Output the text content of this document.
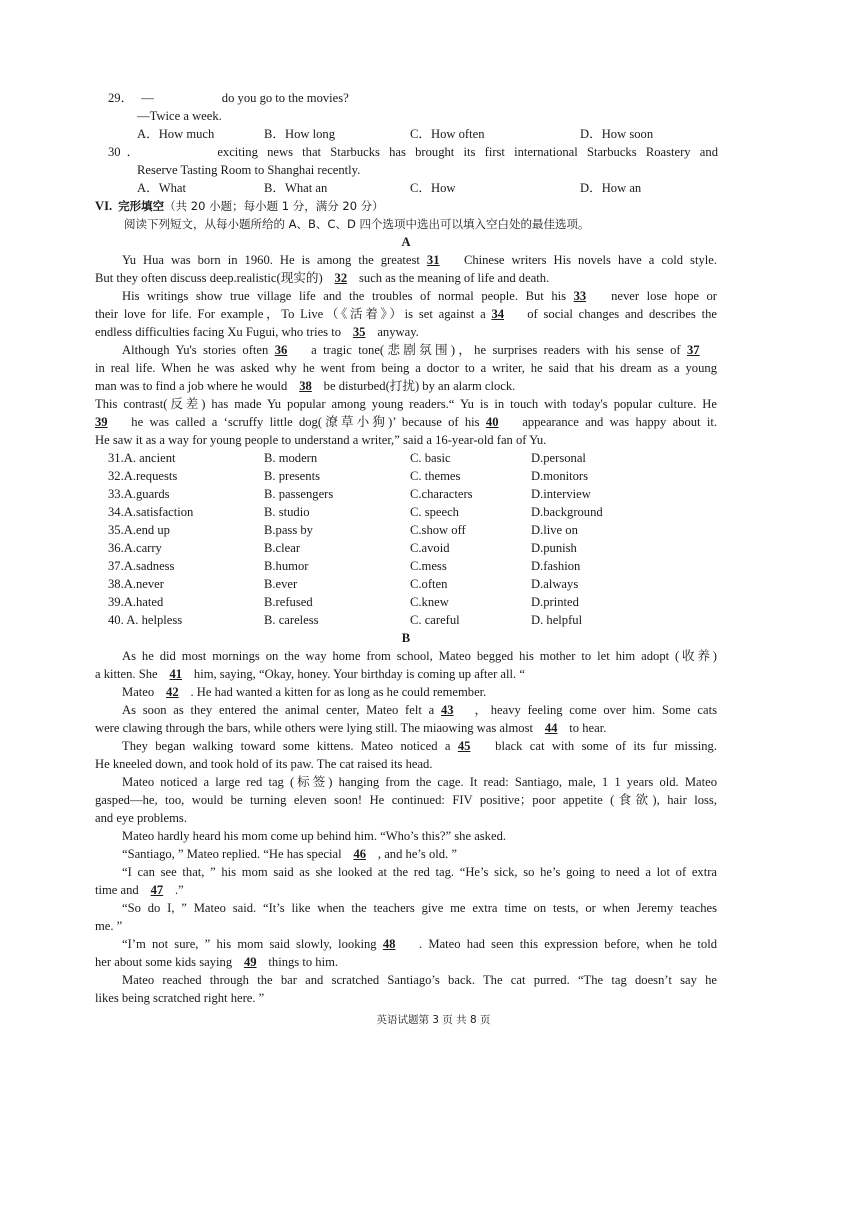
29． —	do you go to the movies?
—Twice a week.
A．How much	B．How long	C．How often	D．How soon
30．	exciting news that Starbucks has brought its first international Starbucks Roastery and
Reserve Tasting Room to Shanghai recently.
A．What	B．What an	C．How	D．How an
VI. 完形填空（共 20 小题；每小题 1 分，满分 20 分）
阅读下列短文，从每小题所给的 A、B、C、D 四个选项中选出可以填入空白处的最佳选项。
A
Yu Hua was born in 1960. He is among the greatest 31 Chinese writers His novels have a cold style.
But they often discuss deep.realistic(现实的) 32 such as the meaning of life and death.
His writings show true village life and the troubles of normal people. But his 33 never lose hope or
their love for life. For example，To Live（《活着》）is set against a 34 of social changes and describes the
endless difficulties facing Xu Fugui, who tries to 35 anyway.
Although Yu's stories often 36 a tragic tone(悲剧氛围)，he surprises readers with his sense of 37
in real life. When he was asked why he went from being a doctor to a writer, he said that his dream as a young
man was to find a job where he would 38 be disturbed(打扰) by an alarm clock.
This contrast(反差) has made Yu popular among young readers.“ Yu is in touch with today's popular culture. He
39 he was called a ‘scruffy little dog(潦草小狗)’ because of his 40 appearance and was happy about it.
He saw it as a way for young people to understand a writer,” said a 16-year-old fan of Yu.
31.A. ancient	B. modern	C. basic	D.personal
32.A.requests	B. presents	C. themes	D.monitors
33.A.guards	B. passengers	C.characters	D.interview
34.A.satisfaction	B. studio	C. speech	D.background
35.A.end up	B.pass by	C.show off	D.live on
36.A.carry	B.clear	C.avoid	D.punish
37.A.sadness	B.humor	C.mess	D.fashion
38.A.never	B.ever	C.often	D.always
39.A.hated	B.refused	C.knew	D.printed
40. A. helpless	B. careless	C. careful	D. helpful
B
As he did most mornings on the way home from school, Mateo begged his mother to let him adopt (收养)
a kitten. She 41 him, saying, “Okay, honey. Your birthday is coming up after all. “
Mateo 42 . He had wanted a kitten for as long as he could remember.
As soon as they entered the animal center, Mateo felt a 43 ，heavy feeling come over him. Some cats
were clawing through the bars, while others were lying still. The miaowing was almost 44 to hear.
They began walking toward some kittens. Mateo noticed a 45 black cat with some of its fur missing.
He kneeled down, and took hold of its paw. The cat raised its head.
Mateo noticed a large red tag (标签) hanging from the cage. It read: Santiago, male, 1 1 years old. Mateo
gasped—he, too, would be turning eleven soon! He continued: FIV positive；poor appetite (食欲), hair loss,
and eye problems.
Mateo hardly heard his mom come up behind him. “Who’s this?” she asked.
“Santiago, ” Mateo replied. “He has special 46 , and he’s old. ”
“I can see that, ” his mom said as she looked at the red tag. “He’s sick, so he’s going to need a lot of extra
time and 47 .”
“So do I, ” Mateo said. “It’s like when the teachers give me extra time on tests, or when Jeremy teaches
me. ”
“I’m not sure, ” his mom said slowly, looking 48 . Mateo had seen this expression before, when he told
her about some kids saying 49 things to him.
Mateo reached through the bar and scratched Santiago’s back. The cat purred. “The tag doesn’t say he
likes being scratched right here. ”
英语试题第 3 页 共 8 页
